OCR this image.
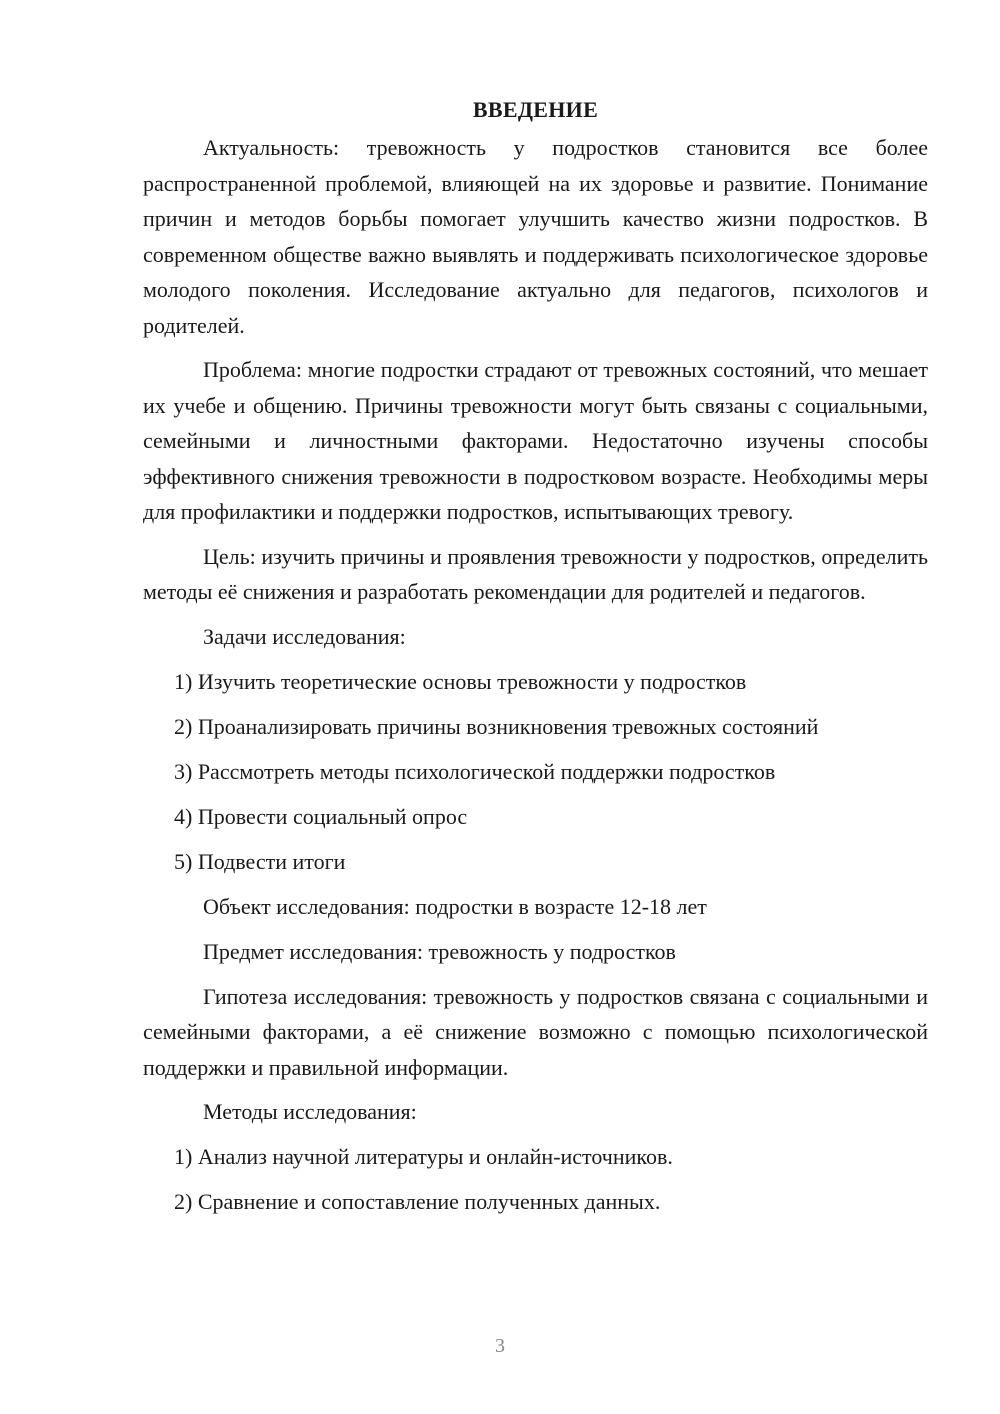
ВВЕДЕНИЕ

Актуальность: тревожность у подростков становится все более распространенной проблемой, влияющей на их здоровье и развитие. Понимание причин и методов борьбы помогает улучшить качество жизни подростков. В современном обществе важно выявлять и поддерживать психологическое здоровье молодого поколения. Исследование актуально для педагогов, психологов и родителей.

Проблема: многие подростки страдают от тревожных состояний, что мешает их учебе и общению. Причины тревожности могут быть связаны с социальными, семейными и личностными факторами. Недостаточно изучены способы эффективного снижения тревожности в подростковом возрасте. Необходимы меры для профилактики и поддержки подростков, испытывающих тревогу.

Цель: изучить причины и проявления тревожности у подростков, определить методы её снижения и разработать рекомендации для родителей и педагогов.

Задачи исследования:
1) Изучить теоретические основы тревожности у подростков
2) Проанализировать причины возникновения тревожных состояний
3) Рассмотреть методы психологической поддержки подростков
4) Провести социальный опрос
5) Подвести итоги
Объект исследования: подростки в возрасте 12-18 лет
Предмет исследования: тревожность у подростков

Гипотеза исследования: тревожность у подростков связана с социальными и семейными факторами, а её снижение возможно с помощью психологической поддержки и правильной информации.

Методы исследования:
1) Анализ научной литературы и онлайн-источников.
2) Сравнение и сопоставление полученных данных.
3
